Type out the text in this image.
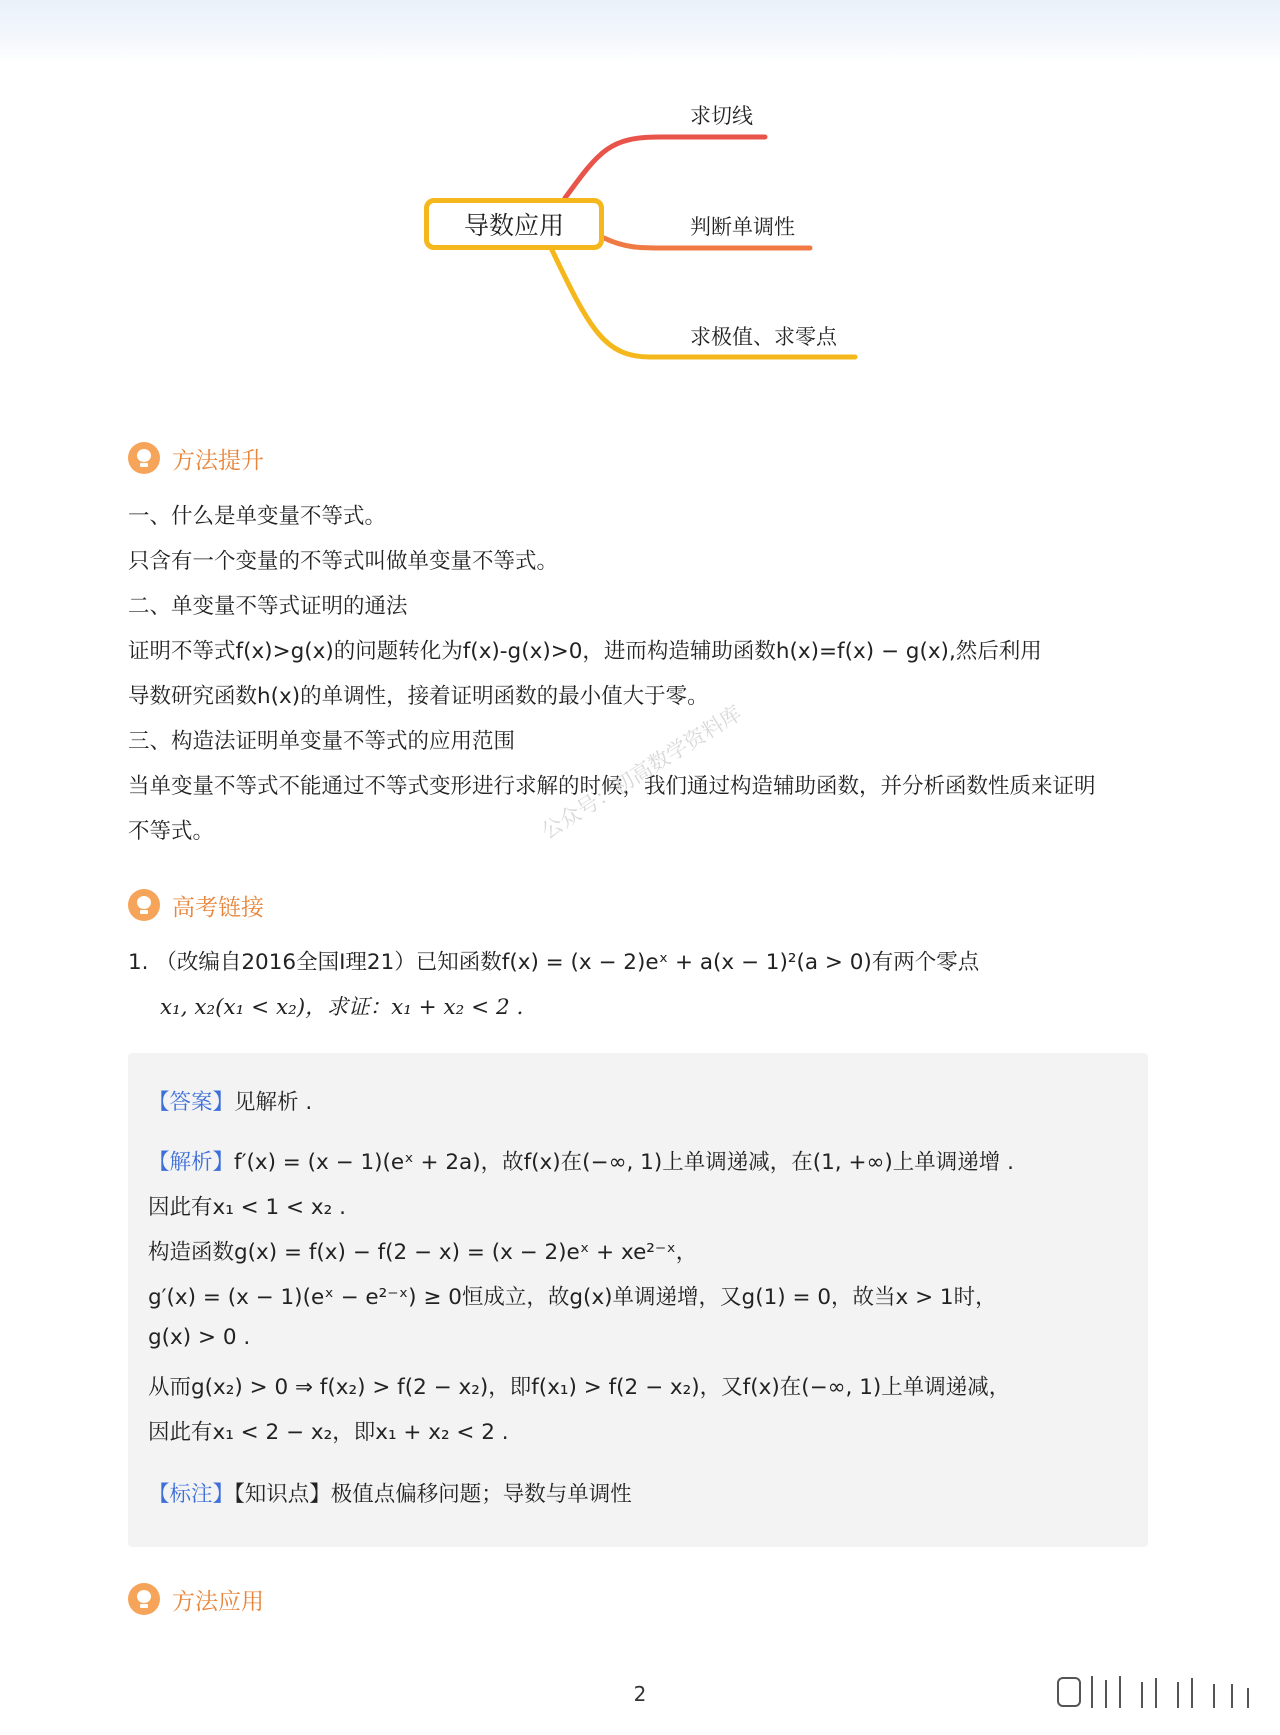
导数应用
求切线
判断单调性
求极值、求零点
方法提升

一、什么是单变量不等式。

只含有一个变量的不等式叫做单变量不等式。

二、单变量不等式证明的通法

证明不等式f(x)>g(x)的问题转化为f(x)-g(x)>0，进而构造辅助函数h(x)=f(x) − g(x),然后利用

导数研究函数h(x)的单调性，接着证明函数的最小值大于零。

三、构造法证明单变量不等式的应用范围

当单变量不等式不能通过不等式变形进行求解的时候，我们通过构造辅助函数，并分析函数性质来证明

不等式。	公众号：初高数学资料库
高考链接

1. （改编自2016全国Ⅰ理21）已知函数f(x) = (x − 2)eˣ + a(x − 1)²(a > 0)有两个零点

x₁, x₂(x₁ < x₂)，求证：x₁ + x₂ < 2 .

【答案】见解析 .
【解析】f′(x) = (x − 1)(eˣ + 2a)，故f(x)在(−∞, 1)上单调递减，在(1, +∞)上单调递增 .
因此有x₁ < 1 < x₂ .
构造函数g(x) = f(x) − f(2 − x) = (x − 2)eˣ + xe²⁻ˣ，
g′(x) = (x − 1)(eˣ − e²⁻ˣ) ≥ 0恒成立，故g(x)单调递增，又g(1) = 0，故当x > 1时，
g(x) > 0 .
从而g(x₂) > 0 ⇒ f(x₂) > f(2 − x₂)，即f(x₁) > f(2 − x₂)，又f(x)在(−∞, 1)上单调递减，
因此有x₁ < 2 − x₂，即x₁ + x₂ < 2 .
【标注】【知识点】极值点偏移问题；导数与单调性
方法应用
2
